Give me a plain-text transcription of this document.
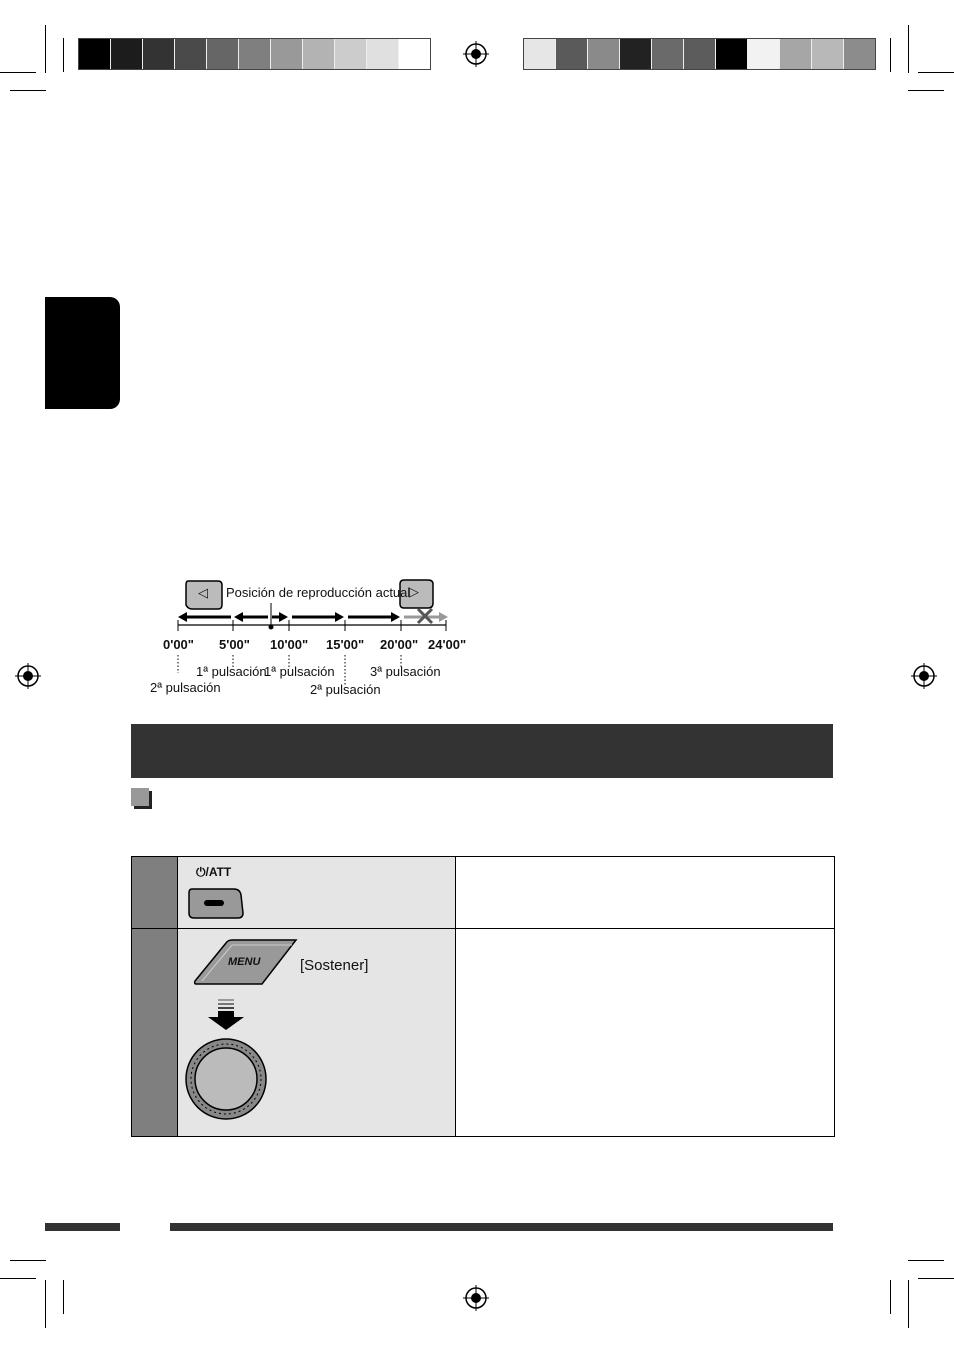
◁	▷
Posición de reproducción actual
0'00" 5'00" 10'00" 15'00" 20'00" 24'00"
1ª pulsación
1ª pulsación	3ª pulsación
2ª pulsación	2ª pulsación
⏻/ATT
MENU	[Sostener]
